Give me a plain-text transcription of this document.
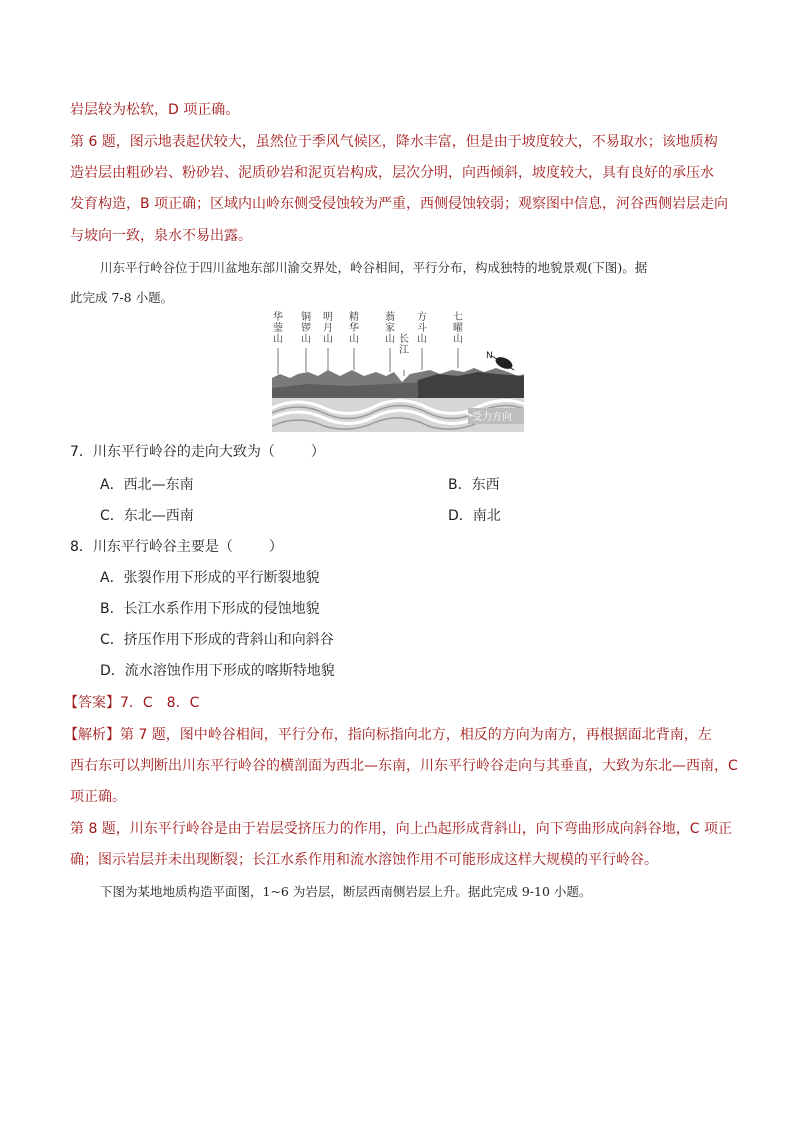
岩层较为松软，D 项正确。
第 6 题，图示地表起伏较大，虽然位于季风气候区，降水丰富，但是由于坡度较大，不易取水；该地质构
造岩层由粗砂岩、粉砂岩、泥质砂岩和泥页岩构成，层次分明，向西倾斜，坡度较大，具有良好的承压水
发育构造，B 项正确；区域内山岭东侧受侵蚀较为严重，西侧侵蚀较弱；观察图中信息，河谷西侧岩层走向
与坡向一致，泉水不易出露。
川东平行岭谷位于四川盆地东部川渝交界处，岭谷相间，平行分布，构成独特的地貌景观(下图)。据
此完成 7-8 小题。
华蓥山
铜锣山
明月山
精华山
蓊家山 长江
方斗山
七曜山
N
受力方向
7．川东平行岭谷的走向大致为（	）
A．西北—东南	B．东西
C．东北—西南	D．南北
8．川东平行岭谷主要是（	）
A．张裂作用下形成的平行断裂地貌
B．长江水系作用下形成的侵蚀地貌
C．挤压作用下形成的背斜山和向斜谷
D．流水溶蚀作用下形成的喀斯特地貌
【答案】7．C　8．C
【解析】第 7 题，图中岭谷相间，平行分布，指向标指向北方，相反的方向为南方，再根据面北背南，左
西右东可以判断出川东平行岭谷的横剖面为西北—东南，川东平行岭谷走向与其垂直，大致为东北—西南，C
项正确。
第 8 题，川东平行岭谷是由于岩层受挤压力的作用，向上凸起形成背斜山，向下弯曲形成向斜谷地，C 项正
确；图示岩层并未出现断裂；长江水系作用和流水溶蚀作用不可能形成这样大规模的平行岭谷。
下图为某地地质构造平面图，1~6 为岩层，断层西南侧岩层上升。据此完成 9-10 小题。
